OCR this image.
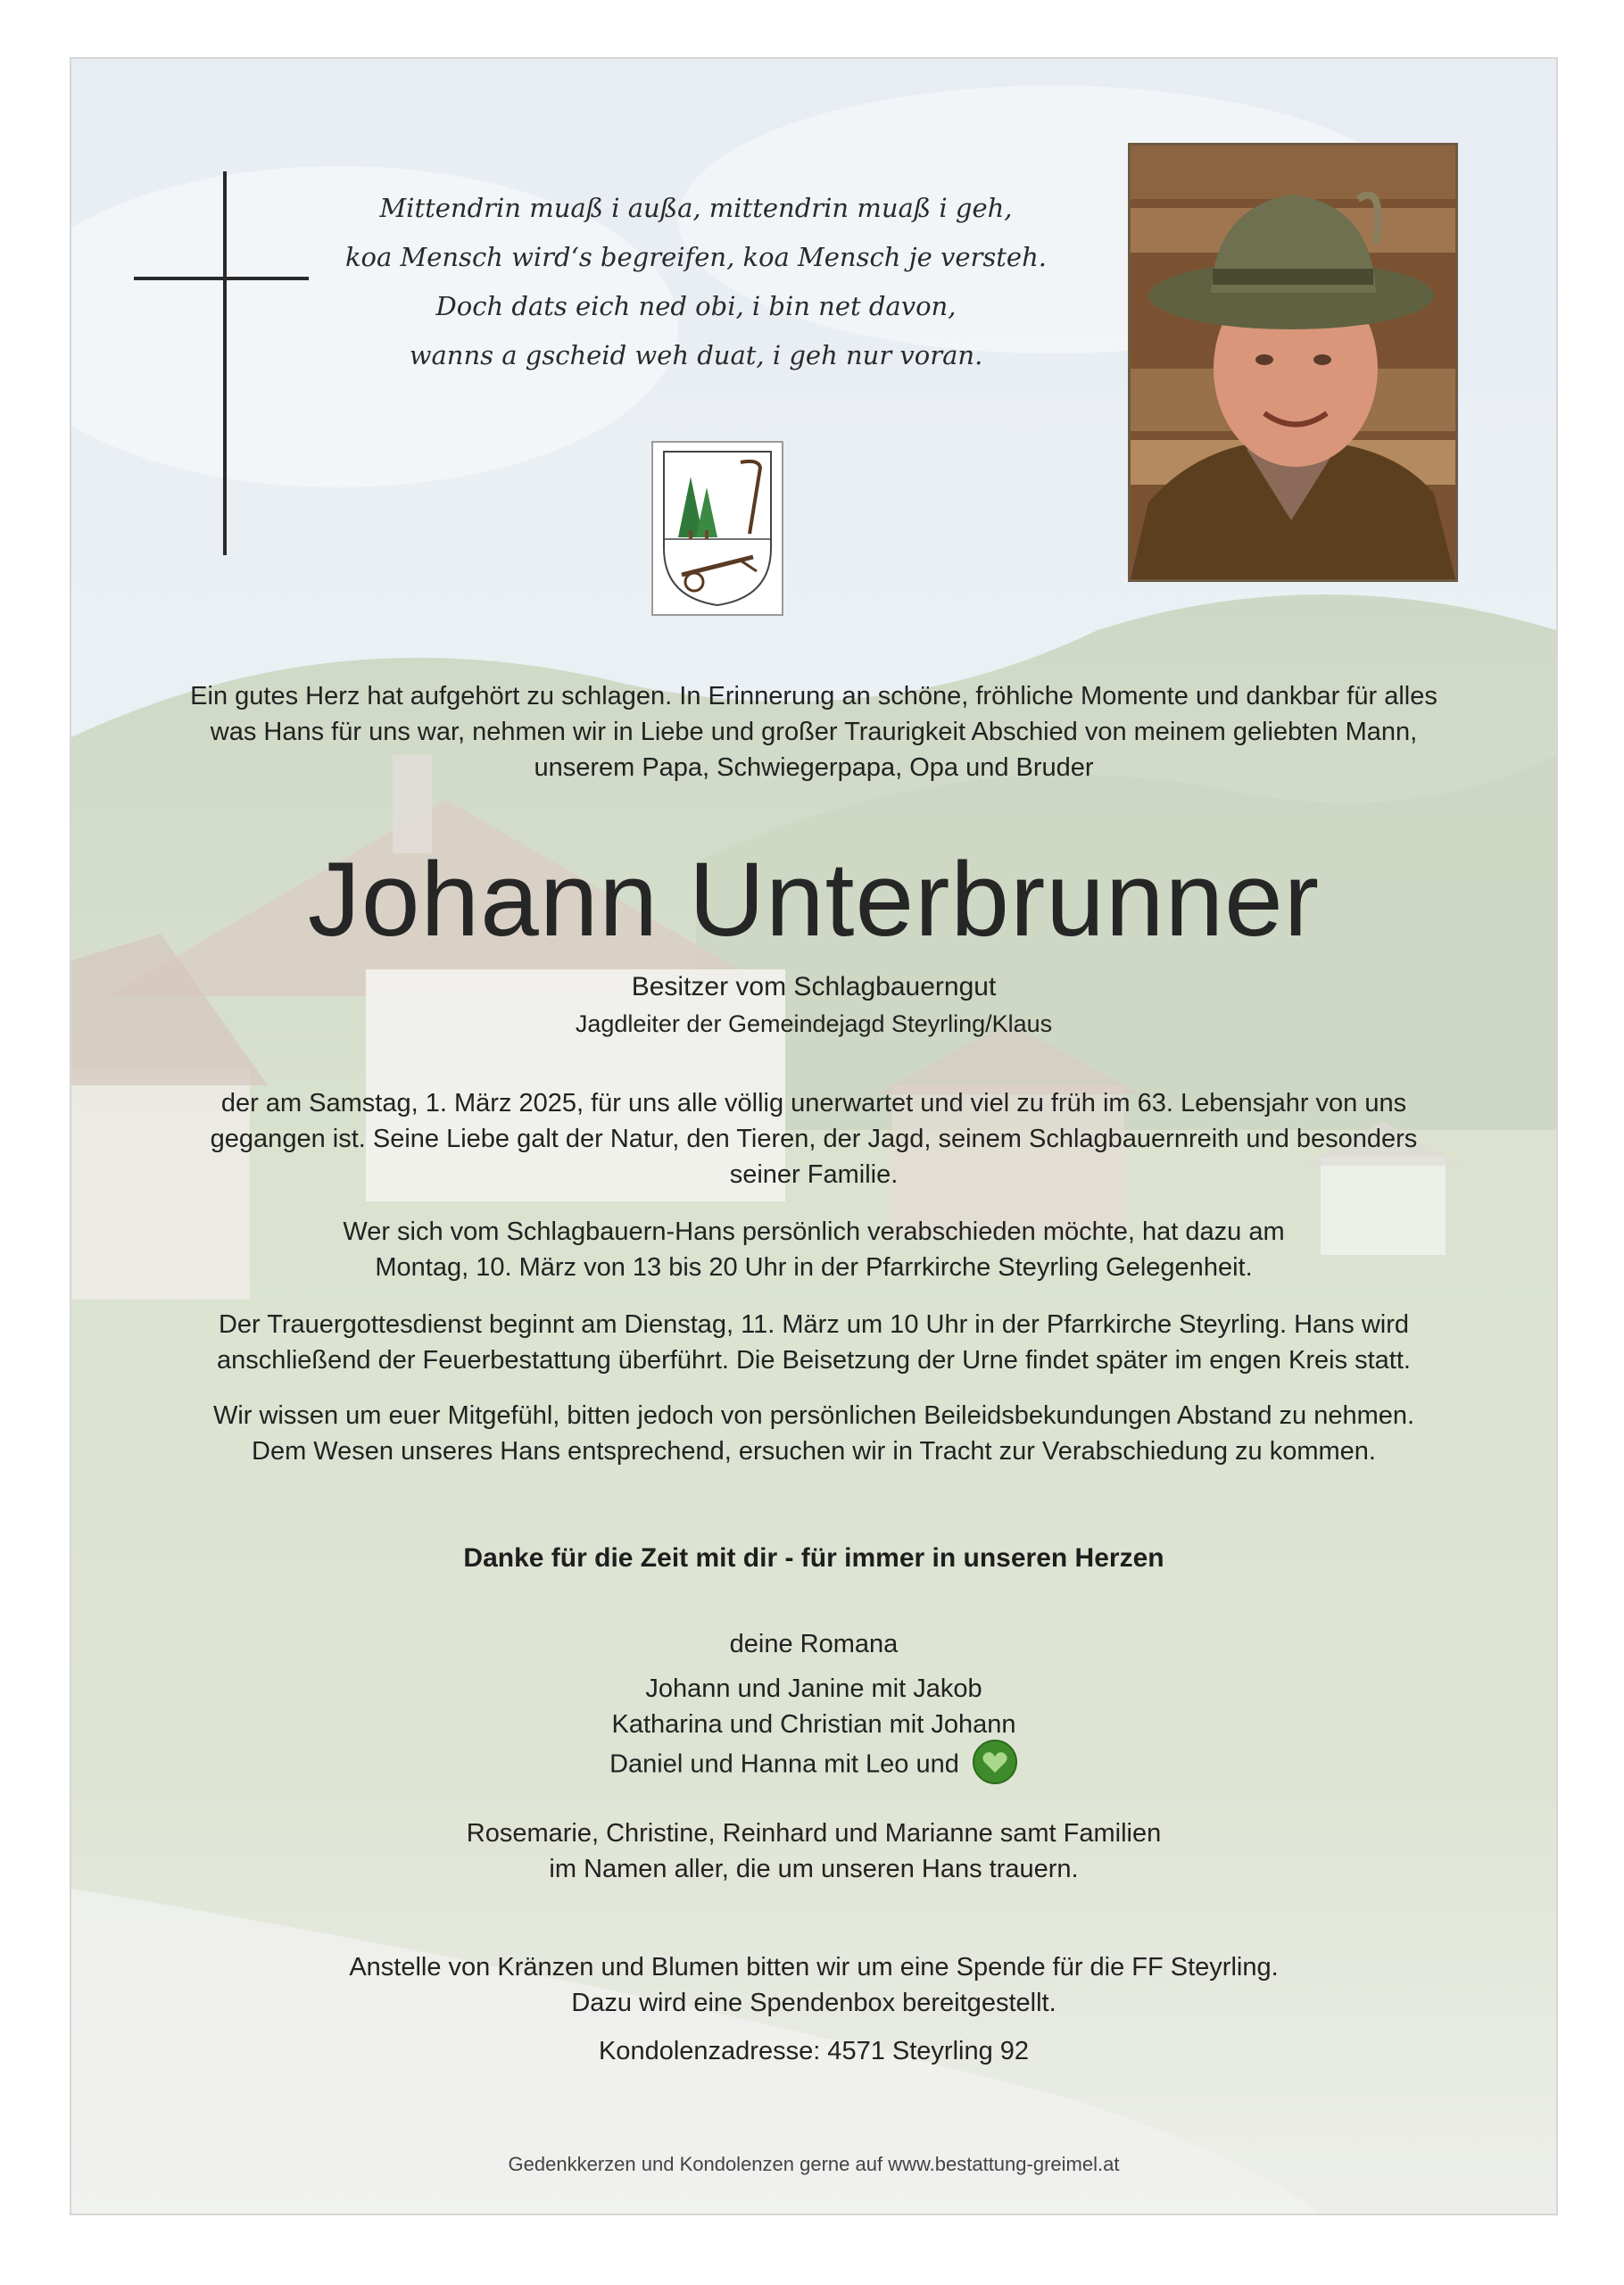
Mittendrin muaß i außa, mittendrin muaß i geh,
koa Mensch wird‘s begreifen, koa Mensch je versteh.
Doch dats eich ned obi, i bin net davon,
wanns a gscheid weh duat, i geh nur voran.
Ein gutes Herz hat aufgehört zu schlagen. In Erinnerung an schöne, fröhliche Momente und dankbar für alles
was Hans für uns war, nehmen wir in Liebe und großer Traurigkeit Abschied von meinem geliebten Mann,
unserem Papa, Schwiegerpapa, Opa und Bruder
Johann Unterbrunner
Besitzer vom Schlagbauerngut
Jagdleiter der Gemeindejagd Steyrling/Klaus
der am Samstag, 1. März 2025, für uns alle völlig unerwartet und viel zu früh im 63. Lebensjahr von uns
gegangen ist. Seine Liebe galt der Natur, den Tieren, der Jagd, seinem Schlagbauernreith und besonders
seiner Familie.
Wer sich vom Schlagbauern-Hans persönlich verabschieden möchte, hat dazu am
Montag, 10. März von 13 bis 20 Uhr in der Pfarrkirche Steyrling Gelegenheit.
Der Trauergottesdienst beginnt am Dienstag, 11. März um 10 Uhr in der Pfarrkirche Steyrling. Hans wird
anschließend der Feuerbestattung überführt. Die Beisetzung der Urne findet später im engen Kreis statt.
Wir wissen um euer Mitgefühl, bitten jedoch von persönlichen Beileidsbekundungen Abstand zu nehmen.
Dem Wesen unseres Hans entsprechend, ersuchen wir in Tracht zur Verabschiedung zu kommen.
Danke für die Zeit mit dir - für immer in unseren Herzen
deine Romana
Johann und Janine mit Jakob
Katharina und Christian mit Johann
Daniel und Hanna mit Leo und
Rosemarie, Christine, Reinhard und Marianne samt Familien
im Namen aller, die um unseren Hans trauern.
Anstelle von Kränzen und Blumen bitten wir um eine Spende für die FF Steyrling.
Dazu wird eine Spendenbox bereitgestellt.
Kondolenzadresse: 4571 Steyrling 92
Gedenkkerzen und Kondolenzen gerne auf www.bestattung-greimel.at
